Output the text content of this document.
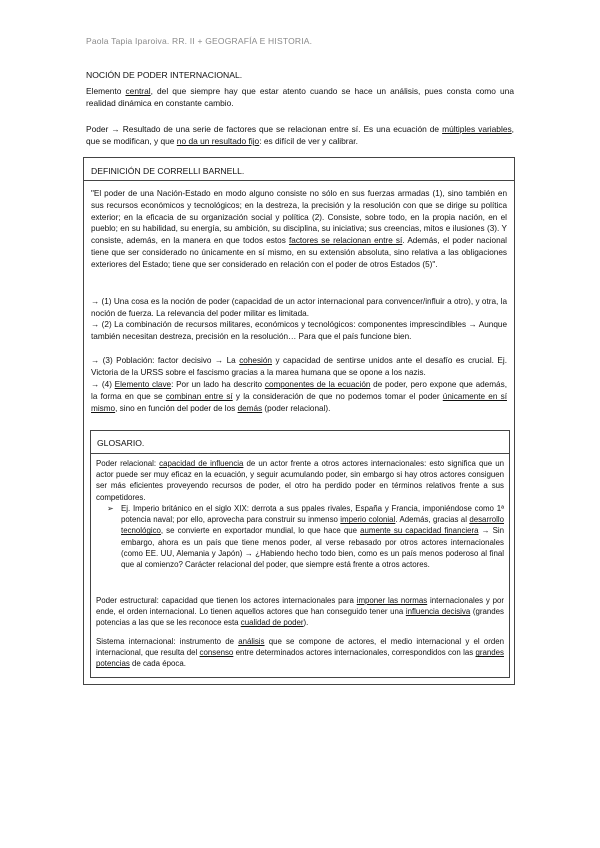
Paola Tapia Iparoiva. RR. II + GEOGRAFÍA E HISTORIA.
NOCIÓN DE PODER INTERNACIONAL.
Elemento central, del que siempre hay que estar atento cuando se hace un análisis, pues consta como una realidad dinámica en constante cambio.
Poder → Resultado de una serie de factores que se relacionan entre sí. Es una ecuación de múltiples variables, que se modifican, y que no da un resultado fijo: es difícil de ver y calibrar.
DEFINICIÓN DE CORRELLI BARNELL.
"El poder de una Nación-Estado en modo alguno consiste no sólo en sus fuerzas armadas (1), sino también en sus recursos económicos y tecnológicos; en la destreza, la precisión y la resolución con que se dirige su política exterior; en la eficacia de su organización social y política (2). Consiste, sobre todo, en la propia nación, en el pueblo; en su habilidad, su energía, su ambición, su disciplina, su iniciativa; sus creencias, mitos e ilusiones (3). Y consiste, además, en la manera en que todos estos factores se relacionan entre sí. Además, el poder nacional tiene que ser considerado no únicamente en sí mismo, en su extensión absoluta, sino relativa a las obligaciones exteriores del Estado; tiene que ser considerado en relación con el poder de otros Estados (5)".
→ (1) Una cosa es la noción de poder (capacidad de un actor internacional para convencer/influir a otro), y otra, la noción de fuerza. La relevancia del poder militar es limitada.
→ (2) La combinación de recursos militares, económicos y tecnológicos: componentes imprescindibles → Aunque también necesitan destreza, precisión en la resolución… Para que el país funcione bien.
→ (3) Población: factor decisivo → La cohesión y capacidad de sentirse unidos ante el desafío es crucial. Ej. Victoria de la URSS sobre el fascismo gracias a la marea humana que se opone a los nazis.
→ (4) Elemento clave: Por un lado ha descrito componentes de la ecuación de poder, pero expone que además, la forma en que se combinan entre sí y la consideración de que no podemos tomar el poder únicamente en sí mismo, sino en función del poder de los demás (poder relacional).
GLOSARIO.
Poder relacional: capacidad de influencia de un actor frente a otros actores internacionales: esto significa que un actor puede ser muy eficaz en la ecuación, y seguir acumulando poder, sin embargo si hay otros actores consiguen ser más eficientes proveyendo recursos de poder, el otro ha perdido poder en términos relativos frente a sus competidores.
➢ Ej. Imperio británico en el siglo XIX: derrota a sus ppales rivales, España y Francia, imponiéndose como 1ª potencia naval; por ello, aprovecha para construir su inmenso imperio colonial. Además, gracias al desarrollo tecnológico, se convierte en exportador mundial, lo que hace que aumente su capacidad financiera → Sin embargo, ahora es un país que tiene menos poder, al verse rebasado por otros actores internacionales (como EE. UU, Alemania y Japón) → ¿Habiendo hecho todo bien, como es un país menos poderoso al final que al comienzo? Carácter relacional del poder, que siempre está frente a otros actores.
Poder estructural: capacidad que tienen los actores internacionales para imponer las normas internacionales y por ende, el orden internacional. Lo tienen aquellos actores que han conseguido tener una influencia decisiva (grandes potencias a las que se les reconoce esta cualidad de poder).
Sistema internacional: instrumento de análisis que se compone de actores, el medio internacional y el orden internacional, que resulta del consenso entre determinados actores internacionales, correspondidos con las grandes potencias de cada época.
